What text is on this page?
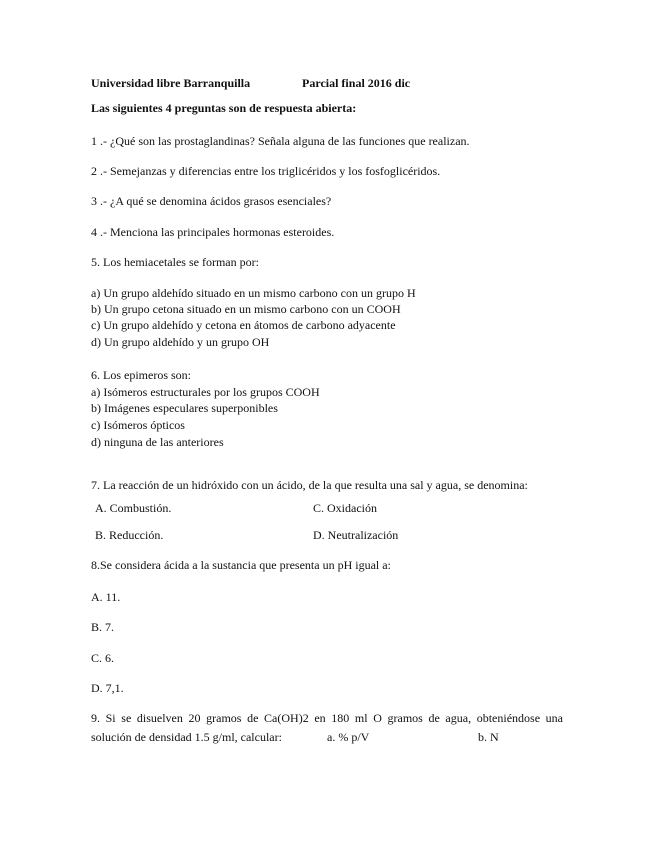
Universidad libre Barranquilla	Parcial final 2016 dic
Las siguientes 4 preguntas son de respuesta abierta:
1 .- ¿Qué son las prostaglandinas? Señala alguna de las funciones que realizan.
2 .- Semejanzas y diferencias entre los triglicéridos y los fosfoglicéridos.
3 .- ¿A qué se denomina ácidos grasos esenciales?
4 .- Menciona las principales hormonas esteroides.
5. Los hemiacetales se forman por:
a) Un grupo aldehído situado en un mismo carbono con un grupo H
b) Un grupo cetona situado en un mismo carbono con un COOH
c) Un grupo aldehído y cetona en átomos de carbono adyacente
d) Un grupo aldehído y un grupo OH
6. Los epimeros son:
a) Isómeros estructurales por los grupos COOH
b) Imágenes especulares superponibles
c) Isómeros ópticos
d) ninguna de las anteriores
7. La reacción de un hidróxido con un ácido, de la que resulta una sal y agua, se denomina:
A. Combustión.	C. Oxidación
B. Reducción.	D. Neutralización
8.Se considera ácida a la sustancia que presenta un pH igual a:
A. 11.
B. 7.
C. 6.
D. 7,1.
9. Si se disuelven 20 gramos de Ca(OH)2 en 180 ml O gramos de agua, obteniéndose una
solución de densidad 1.5 g/ml, calcular:	a. % p/V	b. N
